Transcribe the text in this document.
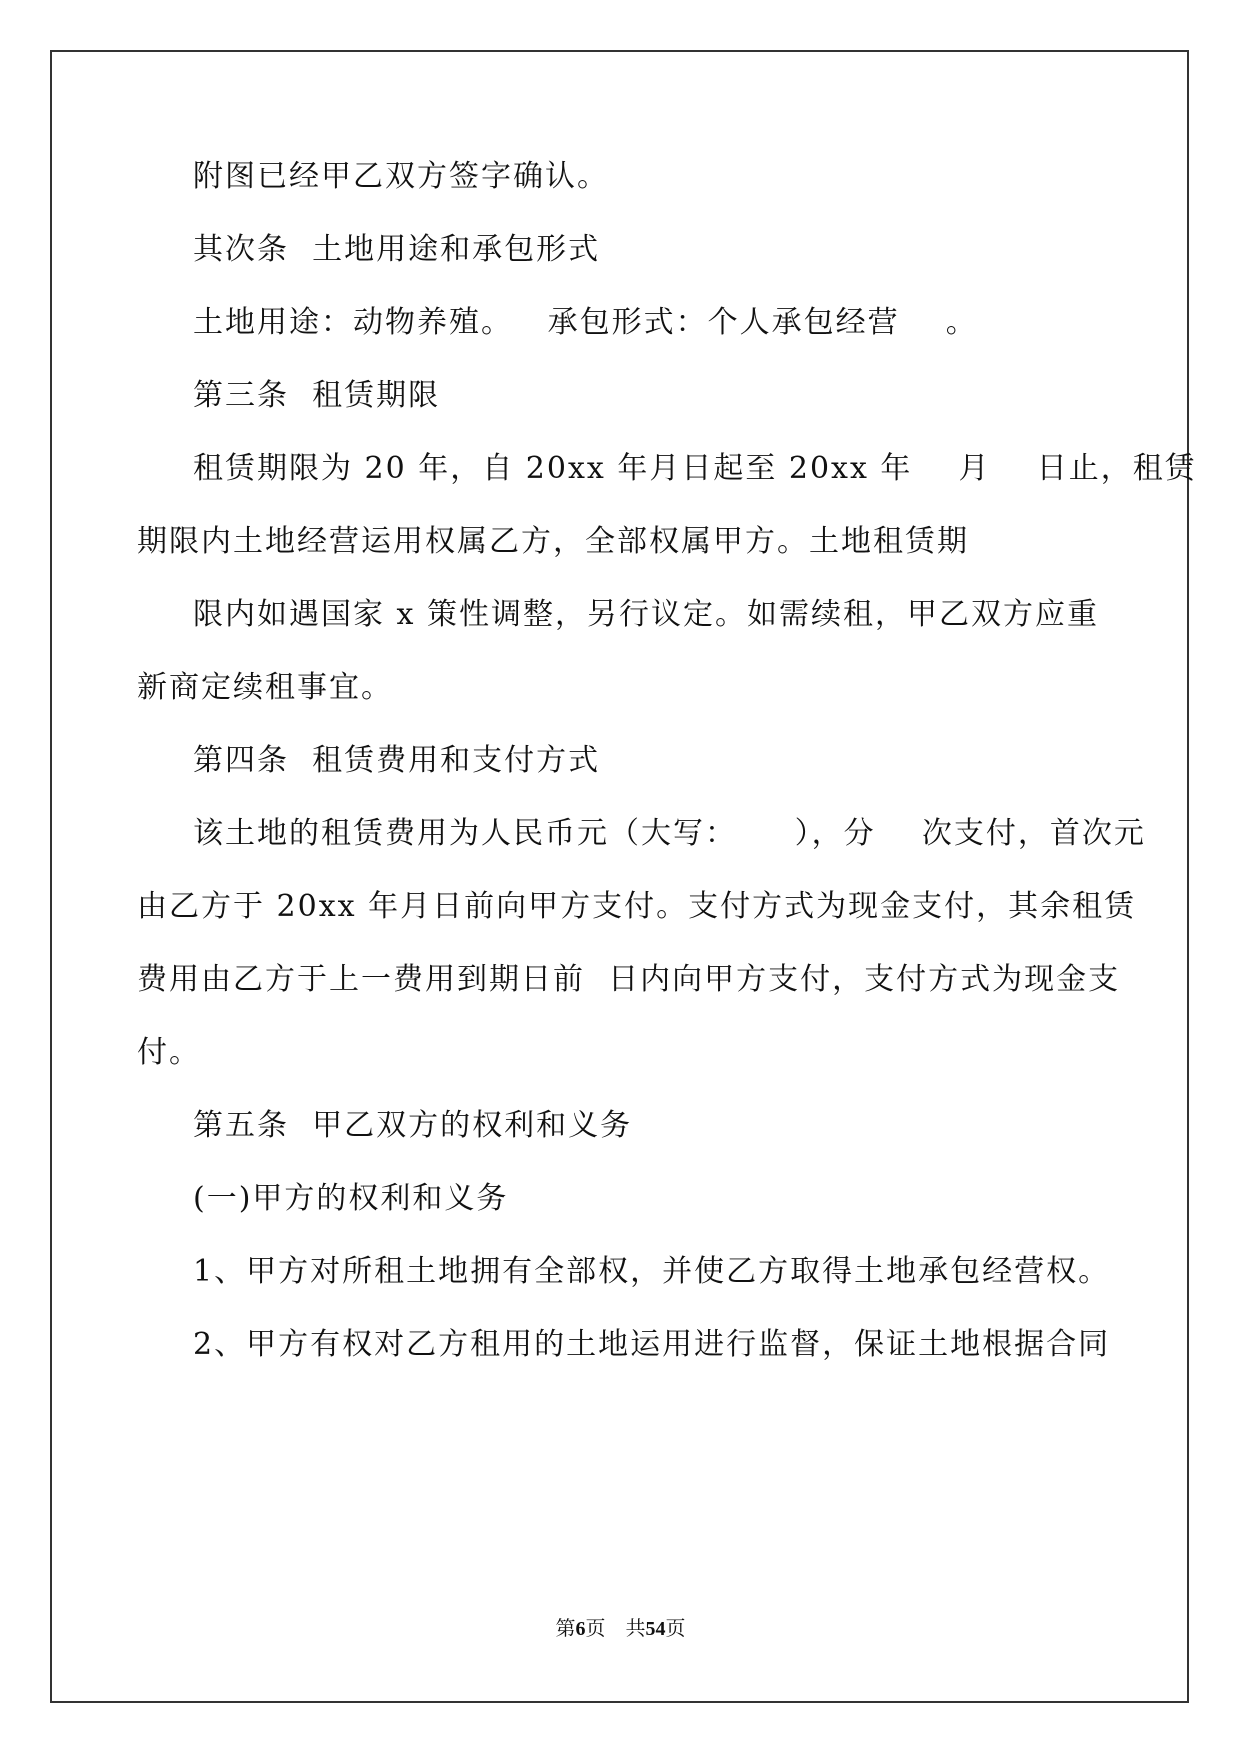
附图已经甲乙双方签字确认。
其次条  土地用途和承包形式
土地用途：动物养殖。   承包形式：个人承包经营    。
第三条  租赁期限
租赁期限为 20 年，自 20xx 年月日起至 20xx 年    月    日止，租赁
期限内土地经营运用权属乙方，全部权属甲方。土地租赁期
限内如遇国家 x 策性调整，另行议定。如需续租，甲乙双方应重
新商定续租事宜。
第四条  租赁费用和支付方式
该土地的租赁费用为人民币元（大写：     ），分    次支付，首次元
由乙方于 20xx 年月日前向甲方支付。支付方式为现金支付，其余租赁
费用由乙方于上一费用到期日前  日内向甲方支付，支付方式为现金支
付。
第五条  甲乙双方的权利和义务
(一)甲方的权利和义务
1、甲方对所租土地拥有全部权，并使乙方取得土地承包经营权。
2、甲方有权对乙方租用的土地运用进行监督，保证土地根据合同
第6页    共54页
